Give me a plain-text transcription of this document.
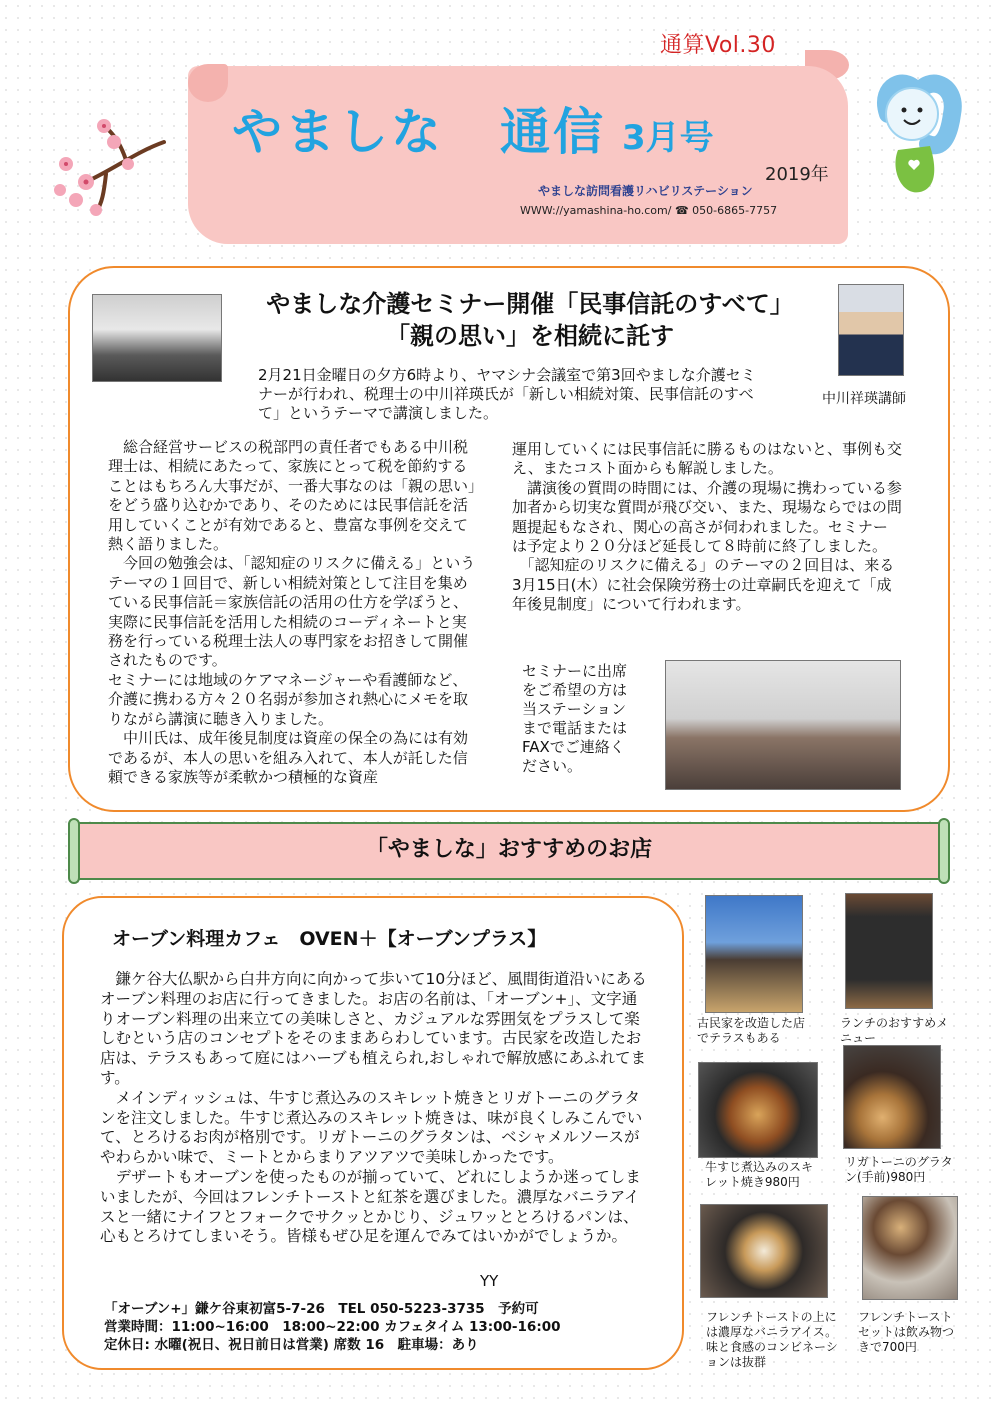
通算Vol.30
やましな 通信 3月号
2019年
やましな訪問看護リハビリステーション
WWW://yamashina-ho.com/ ☎ 050-6865-7757
やましな介護セミナー開催「民事信託のすべて」
「親の思い」を相続に託す
中川祥瑛講師
2月21日金曜日の夕方6時より、ヤマシナ会議室で第3回やましな介護セミナーが行われ、税理士の中川祥瑛氏が「新しい相続対策、民事信託のすべて」というテーマで講演しました。

　総合経営サービスの税部門の責任者でもある中川税理士は、相続にあたって、家族にとって税を節約することはもちろん大事だが、一番大事なのは「親の思い」をどう盛り込むかであり、そのためには民事信託を活用していくことが有効であると、豊富な事例を交えて熱く語りました。

　今回の勉強会は、「認知症のリスクに備える」というテーマの１回目で、新しい相続対策として注目を集めている民事信託＝家族信託の活用の仕方を学ぼうと、実際に民事信託を活用した相続のコーディネートと実務を行っている税理士法人の専門家をお招きして開催されたものです。

セミナーには地域のケアマネージャーや看護師など、介護に携わる方々２０名弱が参加され熱心にメモを取りながら講演に聴き入りました。

　中川氏は、成年後見制度は資産の保全の為には有効であるが、本人の思いを組み入れて、本人が託した信頼できる家族等が柔軟かつ積極的な資産

運用していくには民事信託に勝るものはないと、事例も交え、またコスト面からも解説しました。

　講演後の質問の時間には、介護の現場に携わっている参加者から切実な質問が飛び交い、また、現場ならではの問題提起もなされ、関心の高さが伺われました。セミナーは予定より２０分ほど延長して８時前に終了しました。

　「認知症のリスクに備える」のテーマの２回目は、来る3月15日(木）に社会保険労務士の辻章嗣氏を迎えて「成年後見制度」について行われます。

セミナーに出席をご希望の方は当ステーションまで電話またはFAXでご連絡ください。
「やましな」おすすめのお店
オーブン料理カフェ　OVEN＋【オーブンプラス】

　鎌ケ谷大仏駅から白井方向に向かって歩いて10分ほど、風間街道沿いにあるオーブン料理のお店に行ってきました。お店の名前は、「オーブン+」、文字通りオーブン料理の出来立ての美味しさと、カジュアルな雰囲気をプラスして楽しむという店のコンセプトをそのままあらわしています。古民家を改造したお店は、テラスもあって庭にはハーブも植えられ,おしゃれで解放感にあふれてます。

　メインディッシュは、牛すじ煮込みのスキレット焼きとリガトーニのグラタンを注文しました。牛すじ煮込みのスキレット焼きは、味が良くしみこんでいて、とろけるお肉が格別です。リガトーニのグラタンは、ベシャメルソースがやわらかい味で、ミートとからまりアツアツで美味しかったです。

　デザートもオーブンを使ったものが揃っていて、どれにしようか迷ってしまいましたが、今回はフレンチトーストと紅茶を選びました。濃厚なバニラアイスと一緒にナイフとフォークでサクッとかじり、ジュワッととろけるパンは、心もとろけてしまいそう。皆様もぜひ足を運んでみてはいかがでしょうか。

YY
「オーブン+」鎌ケ谷東初富5-7-26　TEL 050-5223-3735　予約可
営業時間：11:00~16:00　18:00~22:00 カフェタイム 13:00-16:00
定休日: 水曜(祝日、祝日前日は営業) 席数 16　駐車場：あり
古民家を改造した店でテラスもある
ランチのおすすめメニュー
牛すじ煮込みのスキレット焼き980円
リガトーニのグラタン(手前)980円
フレンチトーストの上には濃厚なバニラアイス。味と食感のコンビネーションは抜群
フレンチトーストセットは飲み物つきで700円
